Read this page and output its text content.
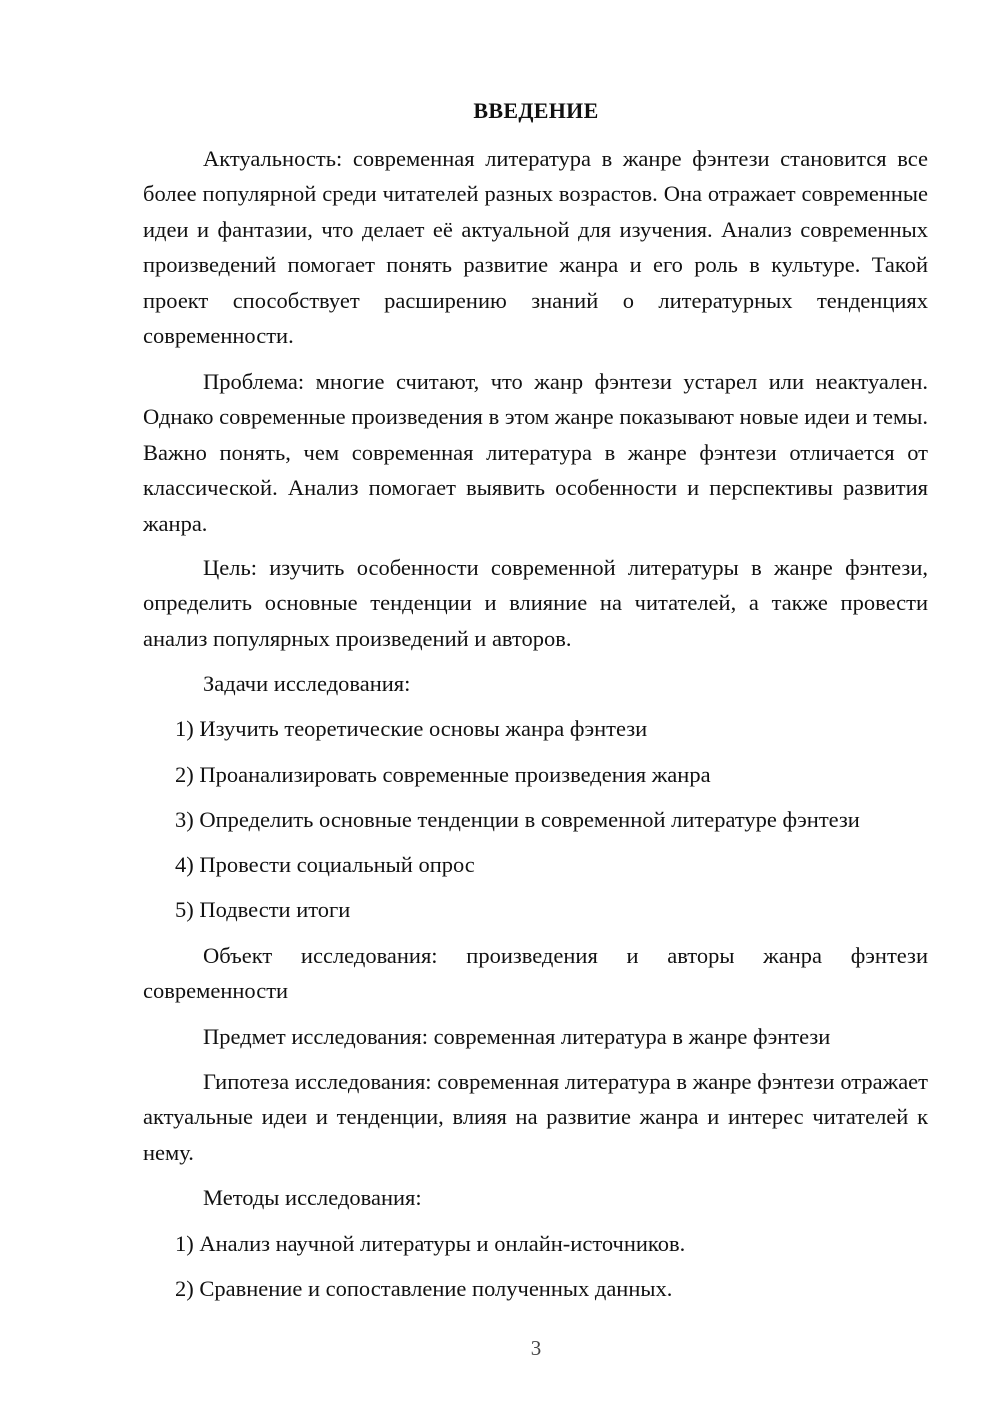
ВВЕДЕНИЕ

Актуальность: современная литература в жанре фэнтези становится все более популярной среди читателей разных возрастов. Она отражает современные идеи и фантазии, что делает её актуальной для изучения. Анализ современных произведений помогает понять развитие жанра и его роль в культуре. Такой проект способствует расширению знаний о литературных тенденциях современности.

Проблема: многие считают, что жанр фэнтези устарел или неактуален. Однако современные произведения в этом жанре показывают новые идеи и темы. Важно понять, чем современная литература в жанре фэнтези отличается от классической. Анализ помогает выявить особенности и перспективы развития жанра.

Цель: изучить особенности современной литературы в жанре фэнтези, определить основные тенденции и влияние на читателей, а также провести анализ популярных произведений и авторов.

Задачи исследования:

1) Изучить теоретические основы жанра фэнтези

2) Проанализировать современные произведения жанра

3) Определить основные тенденции в современной литературе фэнтези

4) Провести социальный опрос

5) Подвести итоги

Объект исследования: произведения и авторы жанра фэнтези современности

Предмет исследования: современная литература в жанре фэнтези

Гипотеза исследования: современная литература в жанре фэнтези отражает актуальные идеи и тенденции, влияя на развитие жанра и интерес читателей к нему.

Методы исследования:

1) Анализ научной литературы и онлайн-источников.

2) Сравнение и сопоставление полученных данных.

3
